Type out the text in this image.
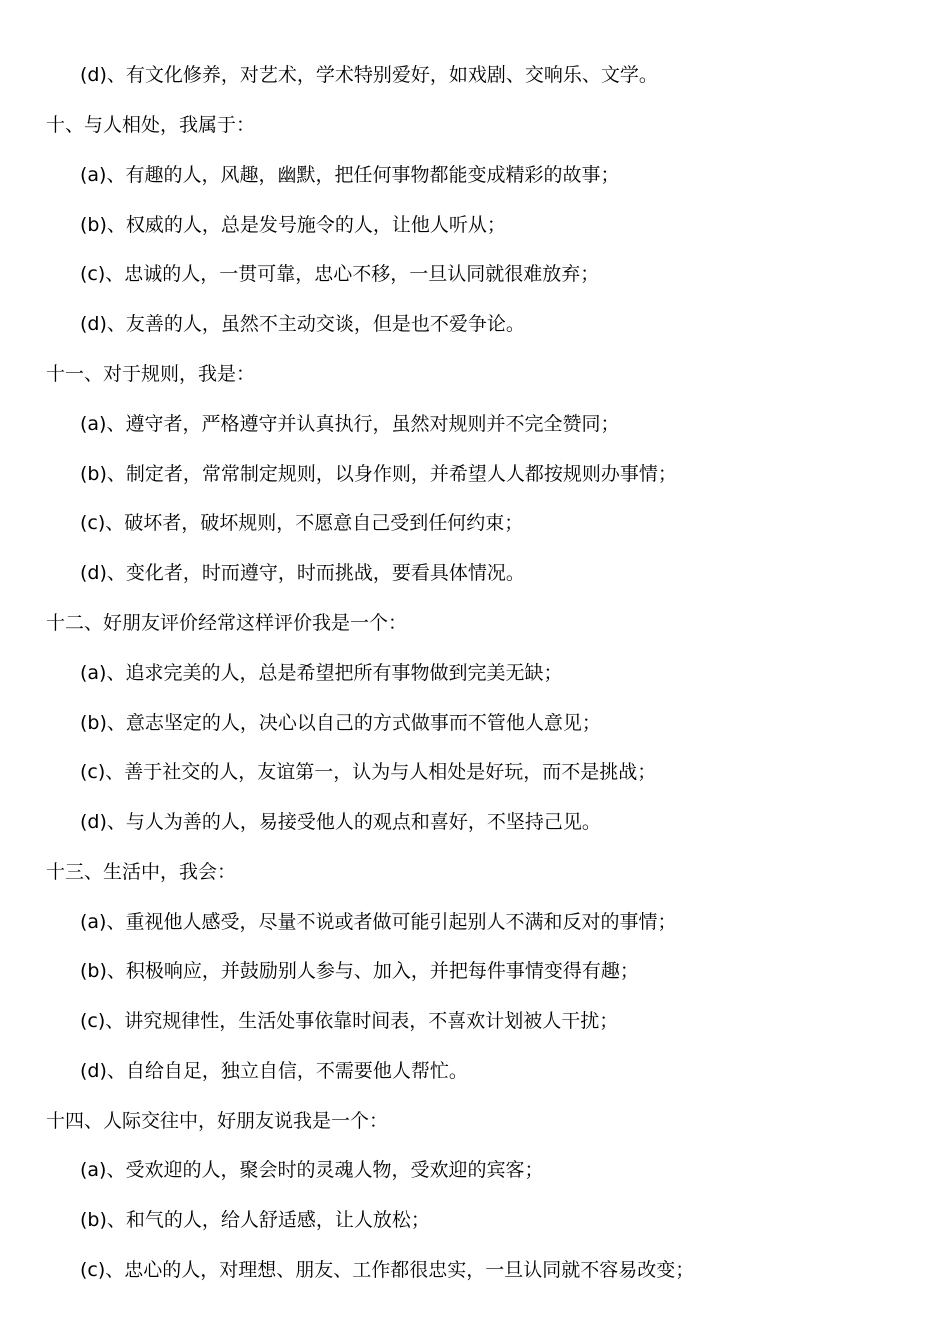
(d)、有文化修养，对艺术，学术特别爱好，如戏剧、交响乐、文学。
十、与人相处，我属于：
(a)、有趣的人，风趣，幽默，把任何事物都能变成精彩的故事；
(b)、权威的人，总是发号施令的人，让他人听从；
(c)、忠诚的人，一贯可靠，忠心不移，一旦认同就很难放弃；
(d)、友善的人，虽然不主动交谈，但是也不爱争论。
十一、对于规则，我是：
(a)、遵守者，严格遵守并认真执行，虽然对规则并不完全赞同；
(b)、制定者，常常制定规则，以身作则，并希望人人都按规则办事情；
(c)、破坏者，破坏规则，不愿意自己受到任何约束；
(d)、变化者，时而遵守，时而挑战，要看具体情况。
十二、好朋友评价经常这样评价我是一个：
(a)、追求完美的人，总是希望把所有事物做到完美无缺；
(b)、意志坚定的人，决心以自己的方式做事而不管他人意见；
(c)、善于社交的人，友谊第一，认为与人相处是好玩，而不是挑战；
(d)、与人为善的人，易接受他人的观点和喜好，不坚持己见。
十三、生活中，我会：
(a)、重视他人感受，尽量不说或者做可能引起别人不满和反对的事情；
(b)、积极响应，并鼓励别人参与、加入，并把每件事情变得有趣；
(c)、讲究规律性，生活处事依靠时间表，不喜欢计划被人干扰；
(d)、自给自足，独立自信，不需要他人帮忙。
十四、人际交往中，好朋友说我是一个：
(a)、受欢迎的人，聚会时的灵魂人物，受欢迎的宾客；
(b)、和气的人，给人舒适感，让人放松；
(c)、忠心的人，对理想、朋友、工作都很忠实，一旦认同就不容易改变；
